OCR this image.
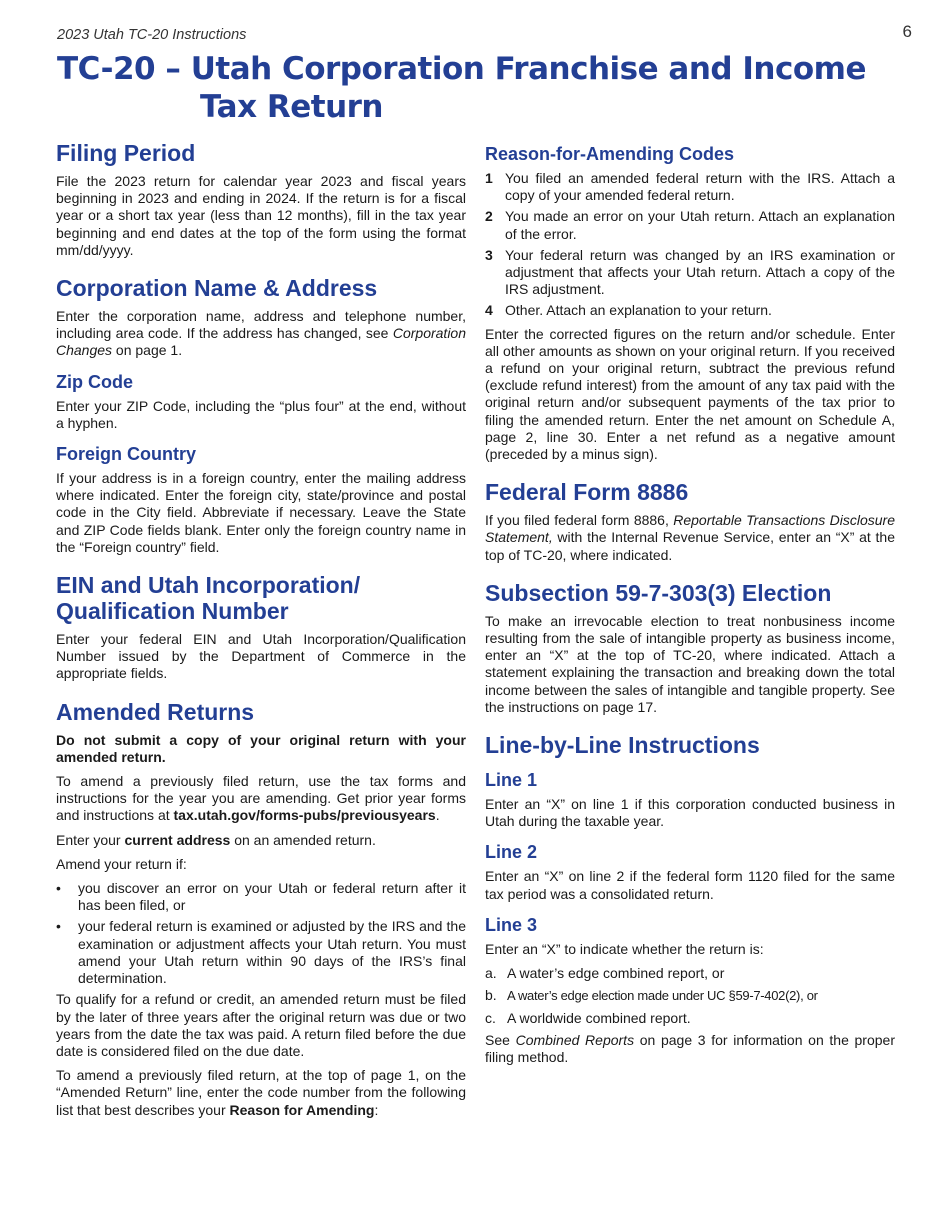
2023 Utah TC-20 Instructions	6
TC-20 – Utah Corporation Franchise and Income
Tax Return
Filing Period

File the 2023 return for calendar year 2023 and fiscal years beginning in 2023 and ending in 2024. If the return is for a fiscal year or a short tax year (less than 12 months), fill in the tax year beginning and end dates at the top of the form using the format mm/dd/yyyy.

Corporation Name & Address

Enter the corporation name, address and telephone number, including area code. If the address has changed, see Corporation Changes on page 1.

Zip Code

Enter your ZIP Code, including the “plus four” at the end, without a hyphen.

Foreign Country

If your address is in a foreign country, enter the mailing address where indicated. Enter the foreign city, state/province and postal code in the City field. Abbreviate if necessary. Leave the State and ZIP Code fields blank. Enter only the foreign country name in the “Foreign country” field.

EIN and Utah Incorporation/ Qualification Number

Enter your federal EIN and Utah Incorporation/Qualification Number issued by the Department of Commerce in the appropriate fields.

Amended Returns

Do not submit a copy of your original return with your amended return.

To amend a previously filed return, use the tax forms and instructions for the year you are amending. Get prior year forms and instructions at tax.utah.gov/forms-pubs/previousyears.

Enter your current address on an amended return.

Amend your return if:

•	you discover an error on your Utah or federal return after it has been filed, or
•	your federal return is examined or adjusted by the IRS and the examination or adjustment affects your Utah return. You must amend your Utah return within 90 days of the IRS’s final determination.

To qualify for a refund or credit, an amended return must be filed by the later of three years after the original return was due or two years from the date the tax was paid. A return filed before the due date is considered filed on the due date.

To amend a previously filed return, at the top of page 1, on the “Amended Return” line, enter the code number from the following list that best describes your Reason for Amending:

Reason-for-Amending Codes
1 You filed an amended federal return with the IRS. Attach a copy of your amended federal return.
2 You made an error on your Utah return. Attach an explanation of the error.
3 Your federal return was changed by an IRS examination or adjustment that affects your Utah return. Attach a copy of the IRS adjustment.
4 Other. Attach an explanation to your return.

Enter the corrected figures on the return and/or schedule. Enter all other amounts as shown on your original return. If you received a refund on your original return, subtract the previous refund (exclude refund interest) from the amount of any tax paid with the original return and/or subsequent payments of the tax prior to filing the amended return. Enter the net amount on Schedule A, page 2, line 30. Enter a net refund as a negative amount (preceded by a minus sign).

Federal Form 8886

If you filed federal form 8886, Reportable Transactions Disclosure Statement, with the Internal Revenue Service, enter an “X” at the top of TC-20, where indicated.

Subsection 59-7-303(3) Election

To make an irrevocable election to treat nonbusiness income resulting from the sale of intangible property as business income, enter an “X” at the top of TC-20, where indicated. Attach a statement explaining the transaction and breaking down the total income between the sales of intangible and tangible property. See the instructions on page 17.

Line-by-Line Instructions
Line 1

Enter an “X” on line 1 if this corporation conducted business in Utah during the taxable year.

Line 2

Enter an “X” on line 2 if the federal form 1120 filed for the same tax period was a consolidated return.

Line 3

Enter an “X” to indicate whether the return is:

a. A water’s edge combined report, or
b. A water’s edge election made under UC §59-7-402(2), or
c. A worldwide combined report.

See Combined Reports on page 3 for information on the proper filing method.
